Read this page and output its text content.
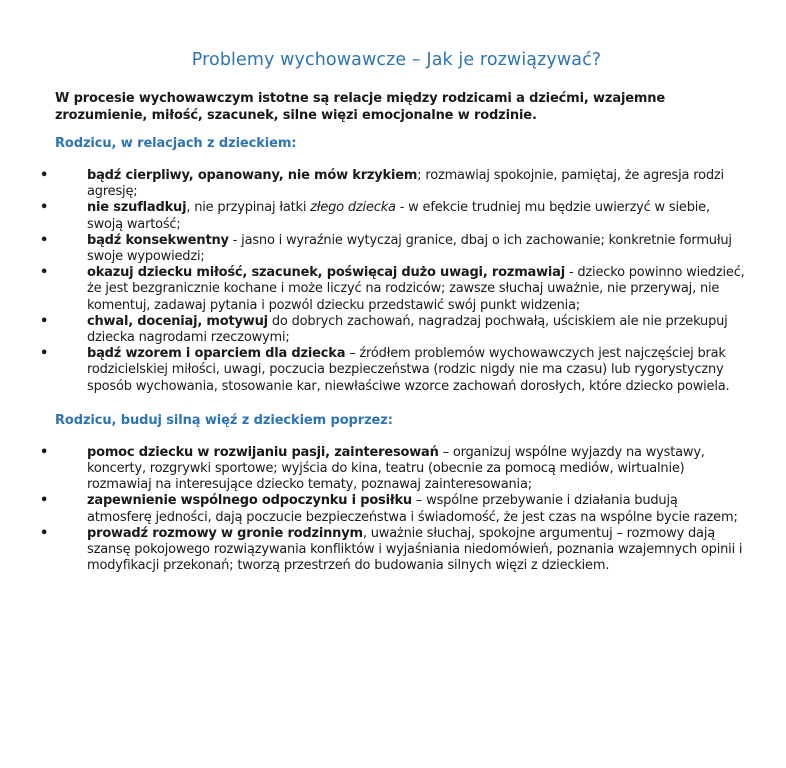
Problemy wychowawcze – Jak je rozwiązywać?

W procesie wychowawczym istotne są relacje między rodzicami a dziećmi, wzajemne zrozumienie, miłość, szacunek, silne więzi emocjonalne w rodzinie.

Rodzicu, w relacjach z dzieckiem:
•	bądź cierpliwy, opanowany, nie mów krzykiem; rozmawiaj spokojnie, pamiętaj, że agresja rodzi agresję;
•	nie szufladkuj, nie przypinaj łatki złego dziecka - w efekcie trudniej mu będzie uwierzyć w siebie, swoją wartość;
•	bądź konsekwentny - jasno i wyraźnie wytyczaj granice, dbaj o ich zachowanie; konkretnie formułuj swoje wypowiedzi;
•	okazuj dziecku miłość, szacunek, poświęcaj dużo uwagi, rozmawiaj - dziecko powinno wiedzieć, że jest bezgranicznie kochane i może liczyć na rodziców; zawsze słuchaj uważnie, nie przerywaj, nie komentuj, zadawaj pytania i pozwól dziecku przedstawić swój punkt widzenia;
•	chwal, doceniaj, motywuj do dobrych zachowań, nagradzaj pochwałą, uściskiem ale nie przekupuj dziecka nagrodami rzeczowymi;
•	bądź wzorem i oparciem dla dziecka – źródłem problemów wychowawczych jest najczęściej brak rodzicielskiej miłości, uwagi, poczucia bezpieczeństwa (rodzic nigdy nie ma czasu) lub rygorystyczny sposób wychowania, stosowanie kar, niewłaściwe wzorce zachowań dorosłych, które dziecko powiela.
Rodzicu, buduj silną więź z dzieckiem poprzez:
•	pomoc dziecku w rozwijaniu pasji, zainteresowań – organizuj wspólne wyjazdy na wystawy, koncerty, rozgrywki sportowe; wyjścia do kina, teatru (obecnie za pomocą mediów, wirtualnie) rozmawiaj na interesujące dziecko tematy, poznawaj zainteresowania;
•	zapewnienie wspólnego odpoczynku i posiłku – wspólne przebywanie i działania budują atmosferę jedności, dają poczucie bezpieczeństwa i świadomość, że jest czas na wspólne bycie razem;
•	prowadź rozmowy w gronie rodzinnym, uważnie słuchaj, spokojne argumentuj – rozmowy dają szansę pokojowego rozwiązywania konfliktów i wyjaśniania niedomówień, poznania wzajemnych opinii i modyfikacji przekonań; tworzą przestrzeń do budowania silnych więzi z dzieckiem.
